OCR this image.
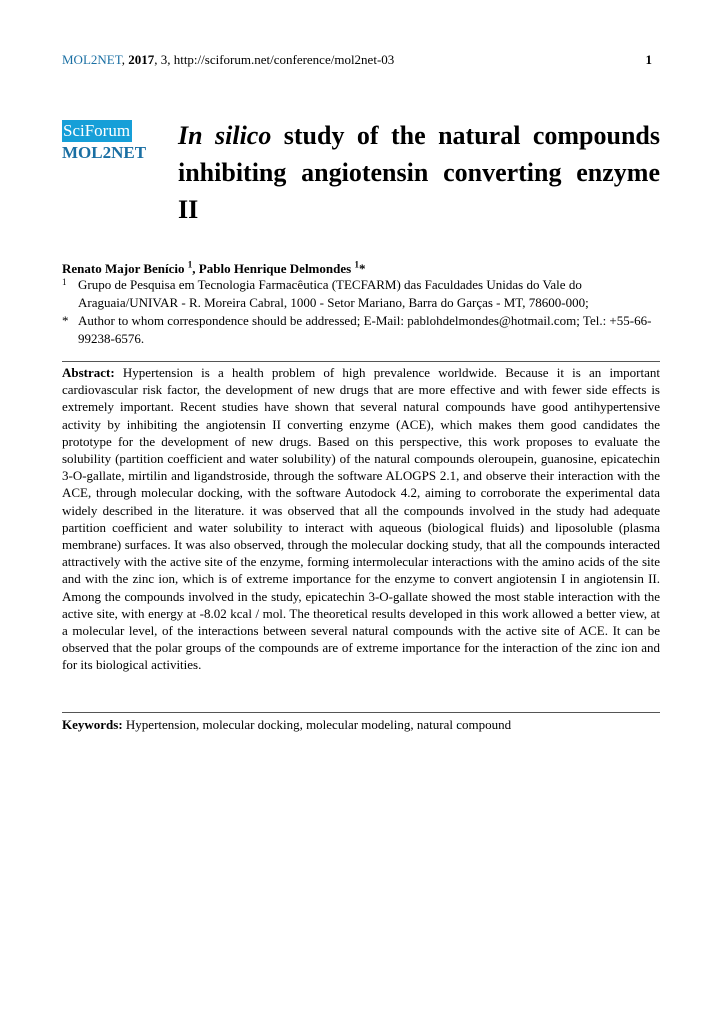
MOL2NET, 2017, 3, http://sciforum.net/conference/mol2net-03	1
SciForum
MOL2NET
In silico study of the natural compounds inhibiting angiotensin converting enzyme II
Renato Major Benício $^1$, Pablo Henrique Delmondes $^1$*
1 Grupo de Pesquisa em Tecnologia Farmacêutica (TECFARM) das Faculdades Unidas do Vale do Araguaia/UNIVAR - R. Moreira Cabral, 1000 - Setor Mariano, Barra do Garças - MT, 78600-000;
* Author to whom correspondence should be addressed; E-Mail: pablohdelmondes@hotmail.com; Tel.: +55-66-99238-6576.
Abstract: Hypertension is a health problem of high prevalence worldwide. Because it is an important cardiovascular risk factor, the development of new drugs that are more effective and with fewer side effects is extremely important. Recent studies have shown that several natural compounds have good antihypertensive activity by inhibiting the angiotensin II converting enzyme (ACE), which makes them good candidates the prototype for the development of new drugs. Based on this perspective, this work proposes to evaluate the solubility (partition coefficient and water solubility) of the natural compounds oleroupein, guanosine, epicatechin 3-O-gallate, mirtilin and ligandstroside, through the software ALOGPS 2.1, and observe their interaction with the ACE, through molecular docking, with the software Autodock 4.2, aiming to corroborate the experimental data widely described in the literature. it was observed that all the compounds involved in the study had adequate partition coefficient and water solubility to interact with aqueous (biological fluids) and liposoluble (plasma membrane) surfaces. It was also observed, through the molecular docking study, that all the compounds interacted attractively with the active site of the enzyme, forming intermolecular interactions with the amino acids of the site and with the zinc ion, which is of extreme importance for the enzyme to convert angiotensin I in angiotensin II. Among the compounds involved in the study, epicatechin 3-O-gallate showed the most stable interaction with the active site, with energy at -8.02 kcal / mol. The theoretical results developed in this work allowed a better view, at a molecular level, of the interactions between several natural compounds with the active site of ACE. It can be observed that the polar groups of the compounds are of extreme importance for the interaction of the zinc ion and for its biological activities.
Keywords: Hypertension, molecular docking, molecular modeling, natural compound
